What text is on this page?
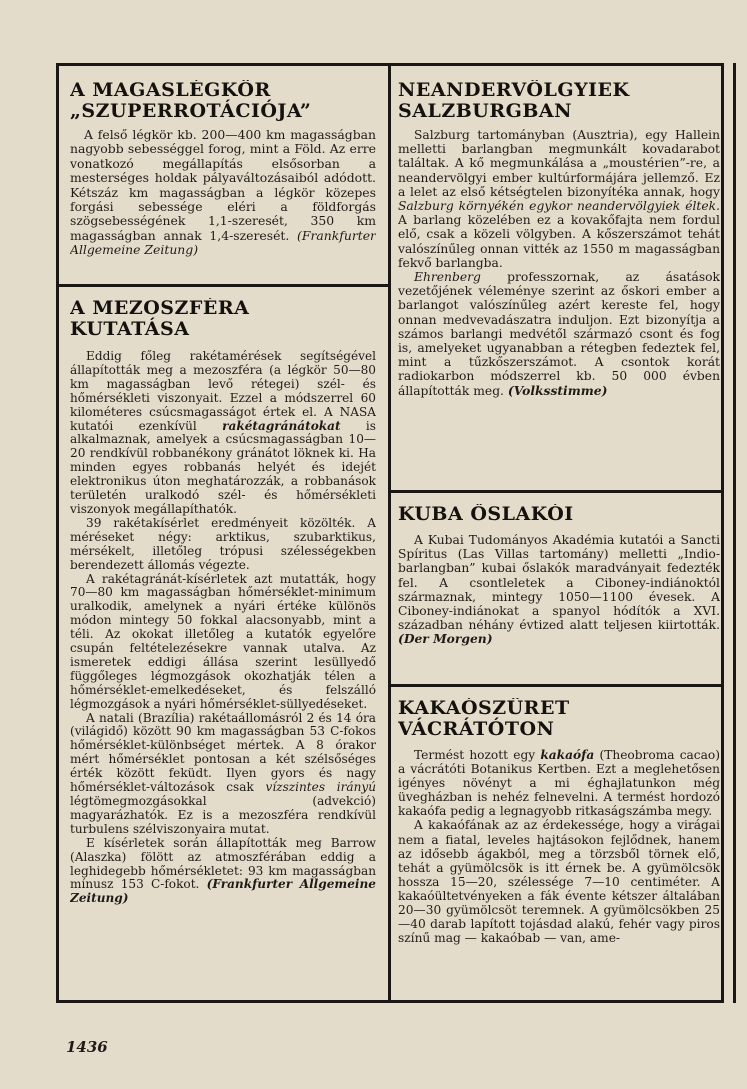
A MAGASLÉGKÖR
„SZUPERROTÁCIÓJA”

A felső légkör kb. 200—400 km magasságban nagyobb sebességgel forog, mint a Föld. Az erre vonatkozó megállapítás elsősorban a mesterséges holdak pályaváltozásaiból adódott. Kétszáz km magasságban a légkör közepes forgási sebessége eléri a földforgás szögsebességének 1,1-szeresét, 350 km magasságban annak 1,4-szeresét. (Frankfurter Allgemeine Zeitung)

A MEZOSZFÉRA
KUTATÁSA

Eddig főleg rakétamérések segítségével állapították meg a mezoszféra (a légkör 50—80 km magasságban levő rétegei) szél- és hőmérsékleti viszonyait. Ezzel a módszerrel 60 kilométeres csúcsmagasságot értek el. A NASA kutatói ezenkívül rakétagránátokat is alkalmaznak, amelyek a csúcsmagasságban 10—20 rendkívül robbanékony gránátot löknek ki. Ha minden egyes robbanás helyét és idejét elektronikus úton meghatározzák, a robbanások területén uralkodó szél- és hőmérsékleti viszonyok megállapíthatók.

39 rakétakísérlet eredményeit közölték. A méréseket négy: arktikus, szubarktikus, mérsékelt, illetőleg trópusi szélességekben berendezett állomás végezte.

A rakétagránát-kísérletek azt mutatták, hogy 70—80 km magasságban hőmérséklet-minimum uralkodik, amelynek a nyári értéke különös módon mintegy 50 fokkal alacsonyabb, mint a téli. Az okokat illetőleg a kutatók egyelőre csupán feltételezésekre vannak utalva. Az ismeretek eddigi állása szerint lesüllyedő függőleges légmozgások okozhatják télen a hőmérséklet-emelkedéseket, és felszálló légmozgások a nyári hőmérséklet-süllyedéseket.

A natali (Brazília) rakétaállomásról 2 és 14 óra (világidő) között 90 km magasságban 53 C-fokos hőmérséklet-különbséget mértek. A 8 órakor mért hőmérséklet pontosan a két szélsőséges érték között feküdt. Ilyen gyors és nagy hőmérséklet-változások csak vízszintes irányú légtömegmozgásokkal (advekció) magyarázhatók. Ez is a mezoszféra rendkívül turbulens szélviszonyaira mutat.

E kísérletek során állapították meg Barrow (Alaszka) fölött az atmoszférában eddig a leghidegebb hőmérsékletet: 93 km magasságban mínusz 153 C-fokot. (Frankfurter Allgemeine Zeitung)

NEANDERVÖLGYIEK
SALZBURGBAN

Salzburg tartományban (Ausztria), egy Hallein melletti barlangban megmunkált kovadarabot találtak. A kő megmunkálása a „moustérien”-re, a neandervölgyi ember kultúrformájára jellemző. Ez a lelet az első kétségtelen bizonyítéka annak, hogy Salzburg környékén egykor neandervölgyiek éltek. A barlang közelében ez a kovakőfajta nem fordul elő, csak a közeli völgyben. A kőszerszámot tehát valószínűleg onnan vitték az 1550 m magasságban fekvő barlangba.

Ehrenberg professzornak, az ásatások vezetőjének véleménye szerint az őskori ember a barlangot valószínűleg azért kereste fel, hogy onnan medvevadászatra induljon. Ezt bizonyítja a számos barlangi medvétől származó csont és fog is, amelyeket ugyanabban a rétegben fedeztek fel, mint a tűzkőszerszámot. A csontok korát radiokarbon módszerrel kb. 50 000 évben állapították meg. (Volksstimme)

KUBA ŐSLAKÓI

A Kubai Tudományos Akadémia kutatói a Sancti Spíritus (Las Villas tartomány) melletti „Indio-barlangban” kubai őslakók maradványait fedezték fel. A csontleletek a Ciboney-indiánoktól származnak, mintegy 1050—1100 évesek. A Ciboney-indiánokat a spanyol hódítók a XVI. században néhány évtized alatt teljesen kiirtották. (Der Morgen)

KAKAÓSZÜRET
VÁCRÁTÓTON

Termést hozott egy kakaófa (Theobroma cacao) a vácrátóti Botanikus Kertben. Ezt a meglehetősen igényes növényt a mi éghajlatunkon még üvegházban is nehéz felnevelni. A termést hordozó kakaófa pedig a legnagyobb ritkaságszámba megy.

A kakaófának az az érdekessége, hogy a virágai nem a fiatal, leveles hajtásokon fejlődnek, hanem az idősebb ágakból, meg a törzsből törnek elő, tehát a gyümölcsök is itt érnek be. A gyümölcsök hossza 15—20, szélessége 7—10 centiméter. A kakaóültetvényeken a fák évente kétszer általában 20—30 gyümölcsöt teremnek. A gyümölcsökben 25—40 darab lapított tojásdad alakú, fehér vagy piros színű mag — kakaóbab — van, ame-

1436
